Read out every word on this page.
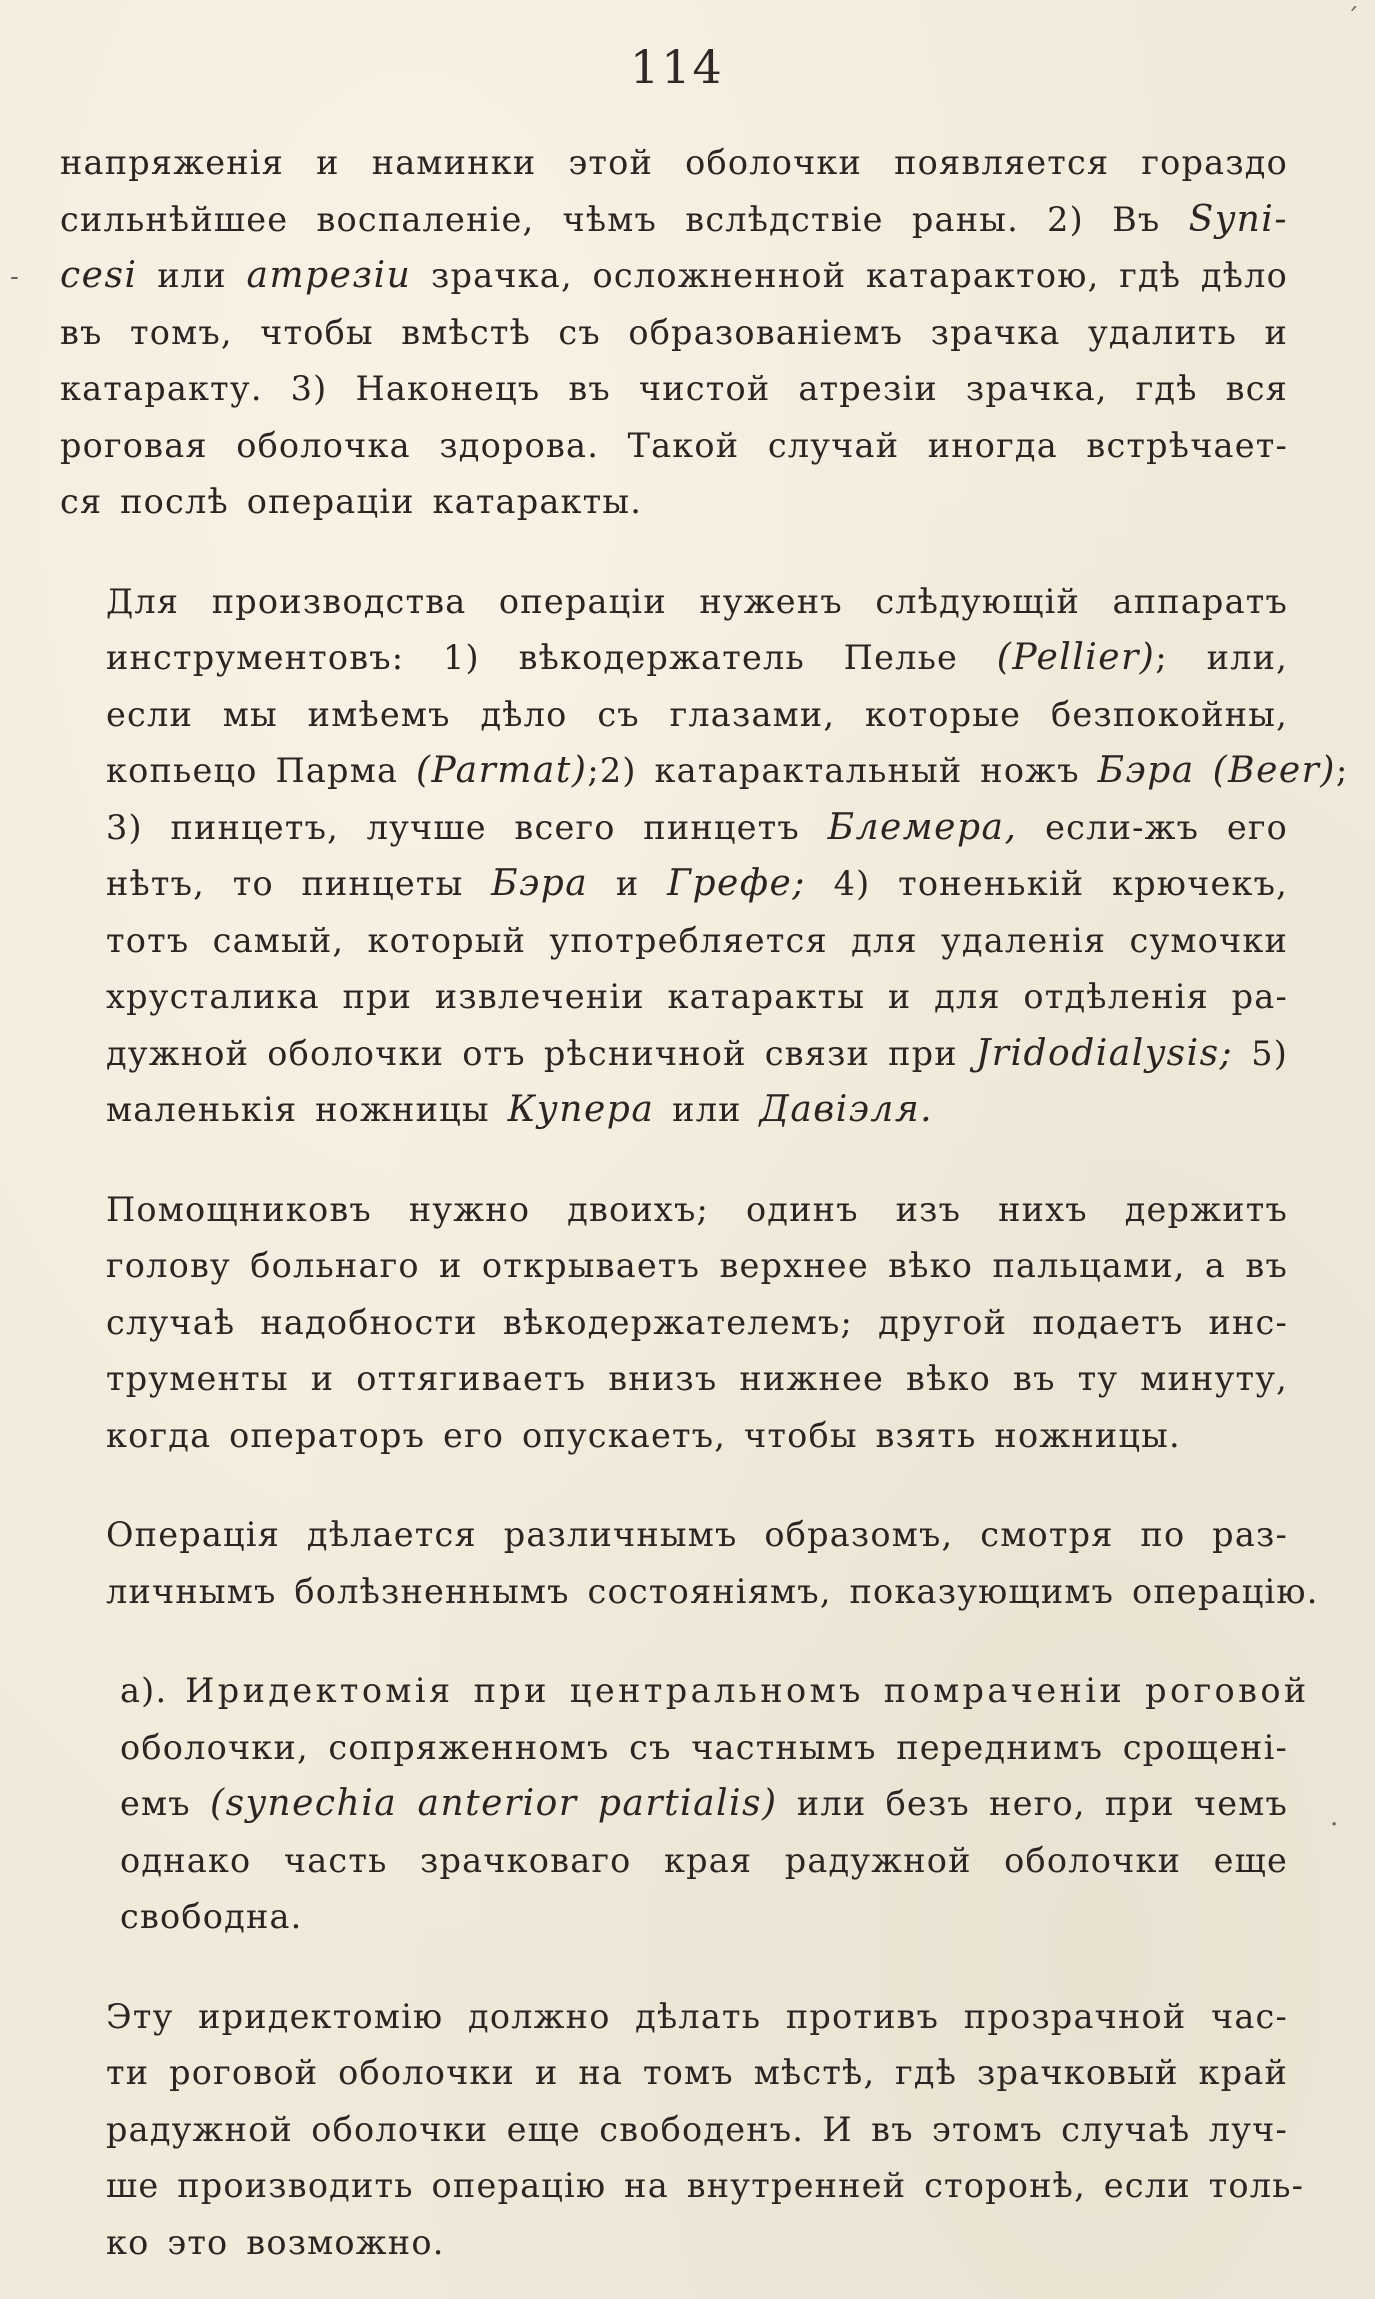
114
-
·
ˊ

напряженія и наминки этой оболочки появляется гораздо
сильнѣйшее воспаленіе, чѣмъ вслѣдствіе раны. 2) Въ Syni-
cesi или атрезіи зрачка, осложненной катарактою, гдѣ дѣло
въ томъ, чтобы вмѣстѣ съ образованіемъ зрачка удалить и
катаракту. 3) Наконецъ въ чистой атрезіи зрачка, гдѣ вся
роговая оболочка здорова. Такой случай иногда встрѣчает-
ся послѣ операціи катаракты.

Для производства операціи нуженъ слѣдующій аппаратъ
инструментовъ: 1) вѣкодержатель Пелье (Pellier); или,
если мы имѣемъ дѣло съ глазами, которые безпокойны,
копьецо Парма (Parmat);2) катарактальный ножъ Бэра (Beer);
3) пинцетъ, лучше всего пинцетъ Блемера, если-жъ его
нѣтъ, то пинцеты Бэра и Грефе; 4) тоненькій крючекъ,
тотъ самый, который употребляется для удаленія сумочки
хрусталика при извлеченіи катаракты и для отдѣленія ра-
дужной оболочки отъ рѣсничной связи при Jridodialysis; 5)
маленькія ножницы Купера или Давіэля.

Помощниковъ нужно двоихъ; одинъ изъ нихъ держитъ
голову больнаго и открываетъ верхнее вѣко пальцами, а въ
случаѣ надобности вѣкодержателемъ; другой подаетъ инс-
трументы и оттягиваетъ внизъ нижнее вѣко въ ту минуту,
когда операторъ его опускаетъ, чтобы взять ножницы.

Операція дѣлается различнымъ образомъ, смотря по раз-
личнымъ болѣзненнымъ состояніямъ, показующимъ операцію.

а). Иридектомія при центральномъ помраченіи роговой
оболочки, сопряженномъ съ частнымъ переднимъ срощені-
емъ (synechia anterior partialis) или безъ него, при чемъ
однако часть зрачковаго края радужной оболочки еще
свободна.

Эту иридектомію должно дѣлать противъ прозрачной час-
ти роговой оболочки и на томъ мѣстѣ, гдѣ зрачковый край
радужной оболочки еще свободенъ. И въ этомъ случаѣ луч-
ше производить операцію на внутренней сторонѣ, если толь-
ко это возможно.
